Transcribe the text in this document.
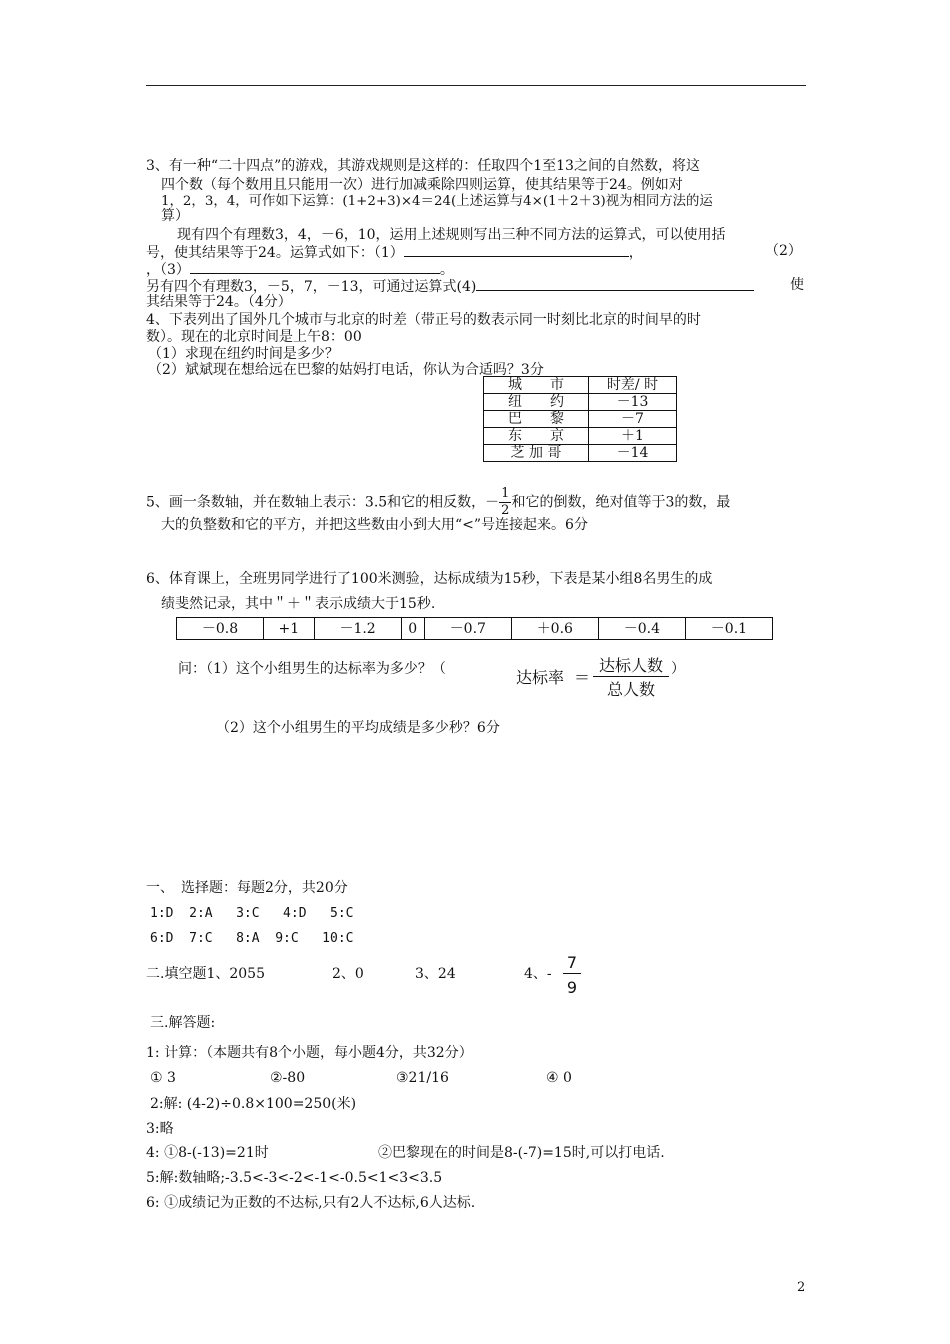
3、有一种“二十四点”的游戏，其游戏规则是这样的：任取四个1至13之间的自然数，将这
四个数（每个数用且只能用一次）进行加减乘除四则运算，使其结果等于24。例如对
1，2，3，4，可作如下运算：(1+2+3)×4＝24(上述运算与4×(1＋2＋3)视为相同方法的运
算）
现有四个有理数3，4，－6，10，运用上述规则写出三种不同方法的运算式，可以使用括
号，使其结果等于24。运算式如下：（1）	，	（2）
，（3）	。
另有四个有理数3，－5，7，－13，可通过运算式(4)	使
其结果等于24。（4分）
4、下表列出了国外几个城市与北京的时差（带正号的数表示同一时刻比北京的时间早的时
数）。现在的北京时间是上午8：00
（1）求现在纽约时间是多少？
（2）斌斌现在想给远在巴黎的姑妈打电话，你认为合适吗？3分
城　　市	时差/ 时
纽　　约	－13
巴　　黎	－7
东　　京	＋1
芝 加 哥	－14
5、画一条数轴，并在数轴上表示：3.5和它的相反数，－ $\frac{1}{2}$ 和它的倒数，绝对值等于3的数，最
大的负整数和它的平方，并把这些数由小到大用“<”号连接起来。6分
6、体育课上，全班男同学进行了100米测验，达标成绩为15秒，下表是某小组8名男生的成
绩斐然记录，其中＂＋＂表示成绩大于15秒.
－0.8	+1	－1.2	0	－0.7	＋0.6	－0.4	－0.1
问：（1）这个小组男生的达标率为多少？（	达标率 ＝
达标人数
总人数
）
（2）这个小组男生的平均成绩是多少秒？6分
一、　选择题：每题2分，共20分
1:D  2:A   3:C   4:D   5:C
6:D  7:C   8:A  9:C   10:C
二.填空题1、2055	2、0	3、24	4、-
7
9
三.解答题:
1: 计算：（本题共有8个小题，每小题4分，共32分）
① 3	②-80	③21/16	④ 0
2:解: (4-2)÷0.8×100=250(米)
3:略
4: ①8-(-13)=21时	②巴黎现在的时间是8-(-7)=15时,可以打电话.
5:解:数轴略;-3.5<-3<-2<-1<-0.5<1<3<3.5
6: ①成绩记为正数的不达标,只有2人不达标,6人达标.
2
